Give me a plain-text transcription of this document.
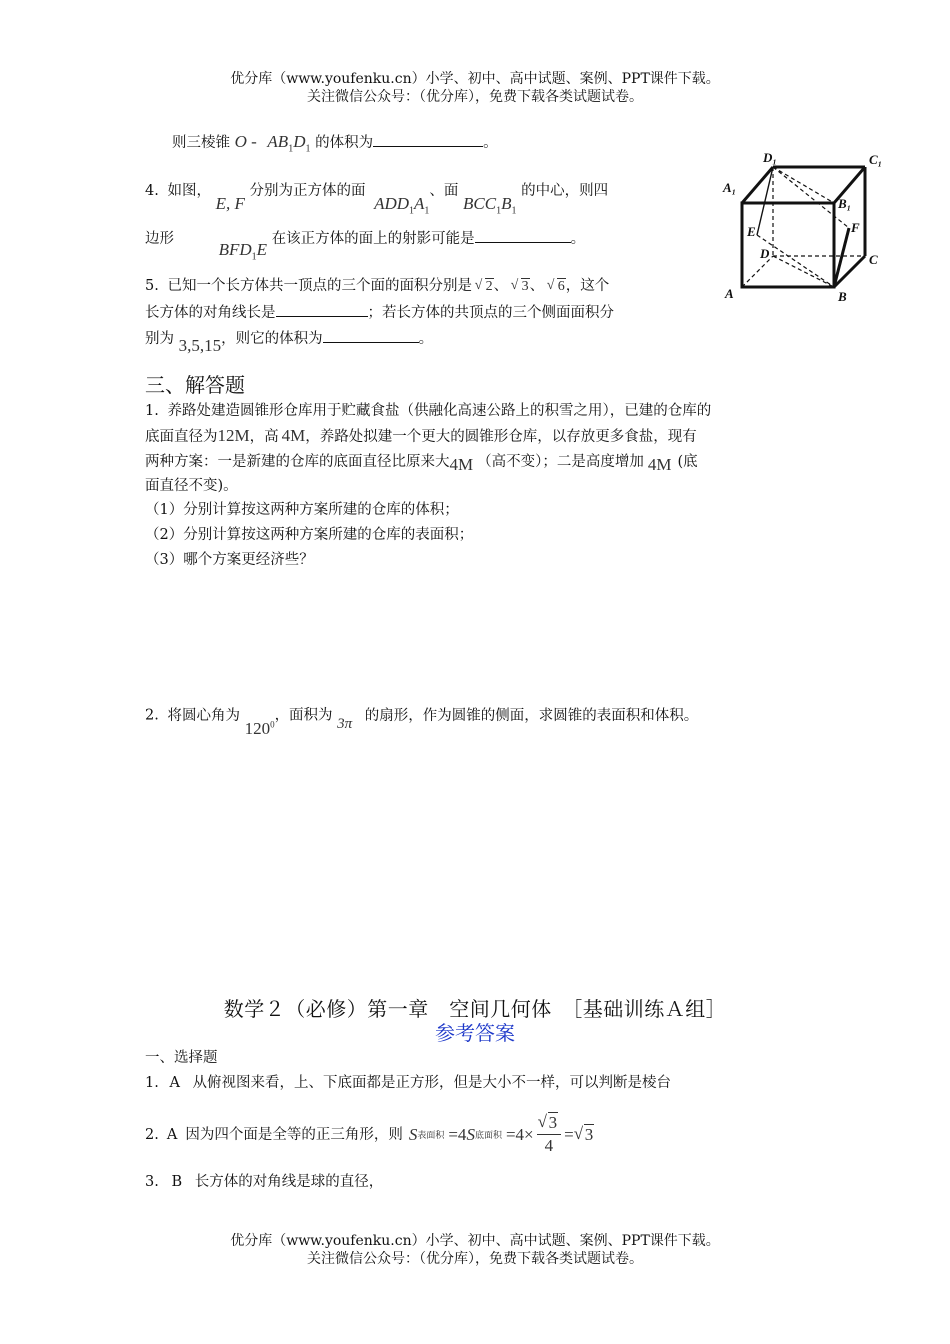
优分库（www.youfenku.cn）小学、初中、高中试题、案例、PPT课件下载。
关注微信公众号：（优分库），免费下载各类试题试卷。
则三棱锥 O - $AB_1D_1$ 的体积为	。
4. 如图， E, F 分别为正方体的面 $ADD_1A_1$、面 $BCC_1B_1$ 的中心，则四
边形 $BFD_1E$ 在该正方体的面上的射影可能是	。
5. 已知一个长方体共一顶点的三个面的面积分别是 √ 2、 √ 3、 √ 6，这个
长方体的对角线长是	；若长方体的共顶点的三个侧面面积分
别为 3,5,15，则它的体积为	。
D₁	C₁
A₁
B₁
E	F
D	C
A	B
三、解答题
1. 养路处建造圆锥形仓库用于贮藏食盐（供融化高速公路上的积雪之用），已建的仓库的
底面直径为12M，高 4M，养路处拟建一个更大的圆锥形仓库，以存放更多食盐，现有
两种方案：一是新建的仓库的底面直径比原来大4M （高不变）；二是高度增加 4M (底
面直径不变)。
（1）分别计算按这两种方案所建的仓库的体积；
（2）分别计算按这两种方案所建的仓库的表面积；
（3）哪个方案更经济些？
2. 将圆心角为 $120^0$，面积为 3π 的扇形，作为圆锥的侧面，求圆锥的表面积和体积。
数学２（必修）第一章　空间几何体　［基础训练Ａ组］
参考答案
一、选择题
1. A 从俯视图来看，上、下底面都是正方形，但是大小不一样，可以判断是棱台
2. A 因为四个面是全等的正三角形，则 S 表面积 =4 S 底面积 =4× √ $\frac{3}{4}$ = √ 3
3. B 长方体的对角线是球的直径，
优分库（www.youfenku.cn）小学、初中、高中试题、案例、PPT课件下载。
关注微信公众号：（优分库），免费下载各类试题试卷。
